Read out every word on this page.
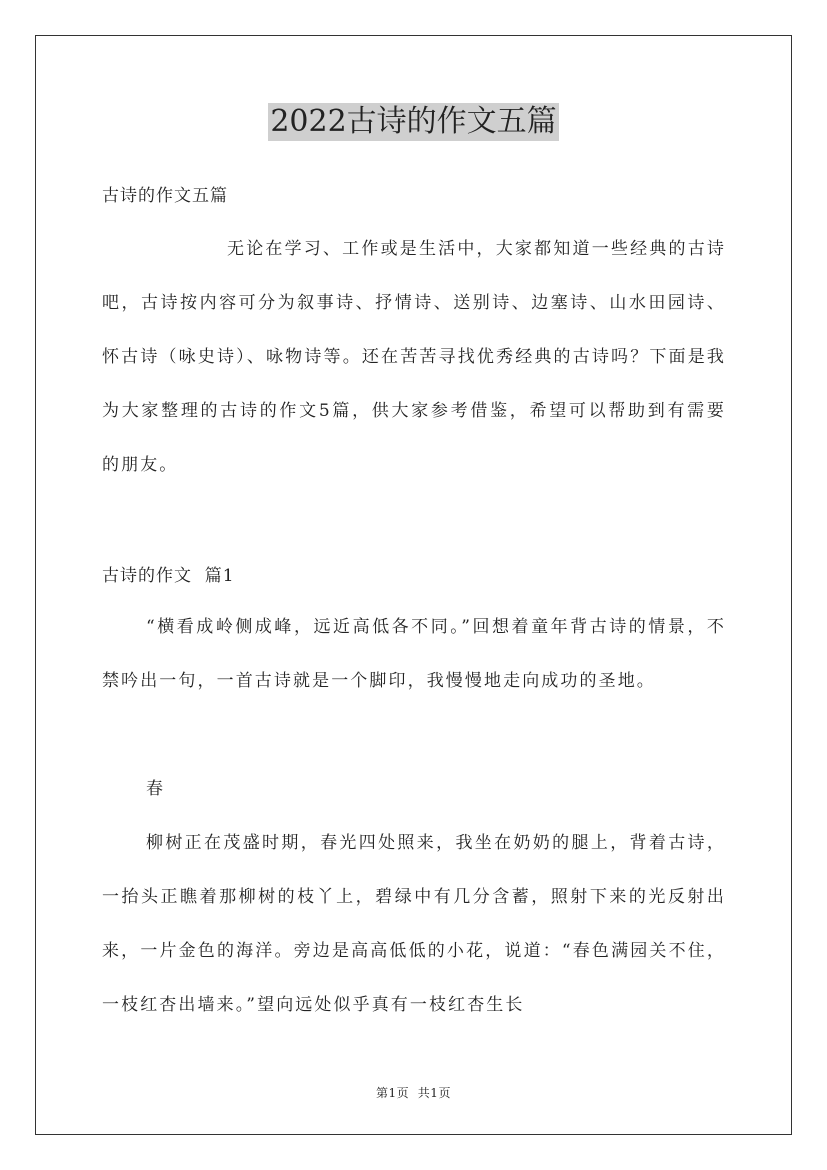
2022古诗的作文五篇
古诗的作文五篇

无论在学习、工作或是生活中，大家都知道一些经典的古诗吧，古诗按内容可分为叙事诗、抒情诗、送别诗、边塞诗、山水田园诗、怀古诗（咏史诗）、咏物诗等。还在苦苦寻找优秀经典的古诗吗？下面是我为大家整理的古诗的作文5篇，供大家参考借鉴，希望可以帮助到有需要的朋友。

古诗的作文  篇1

“横看成岭侧成峰，远近高低各不同。”回想着童年背古诗的情景，不禁吟出一句，一首古诗就是一个脚印，我慢慢地走向成功的圣地。

春

柳树正在茂盛时期，春光四处照来，我坐在奶奶的腿上，背着古诗，一抬头正瞧着那柳树的枝丫上，碧绿中有几分含蓄，照射下来的光反射出来，一片金色的海洋。旁边是高高低低的小花，说道：“春色满园关不住，一枝红杏出墙来。”望向远处似乎真有一枝红杏生长

第1页  共1页
